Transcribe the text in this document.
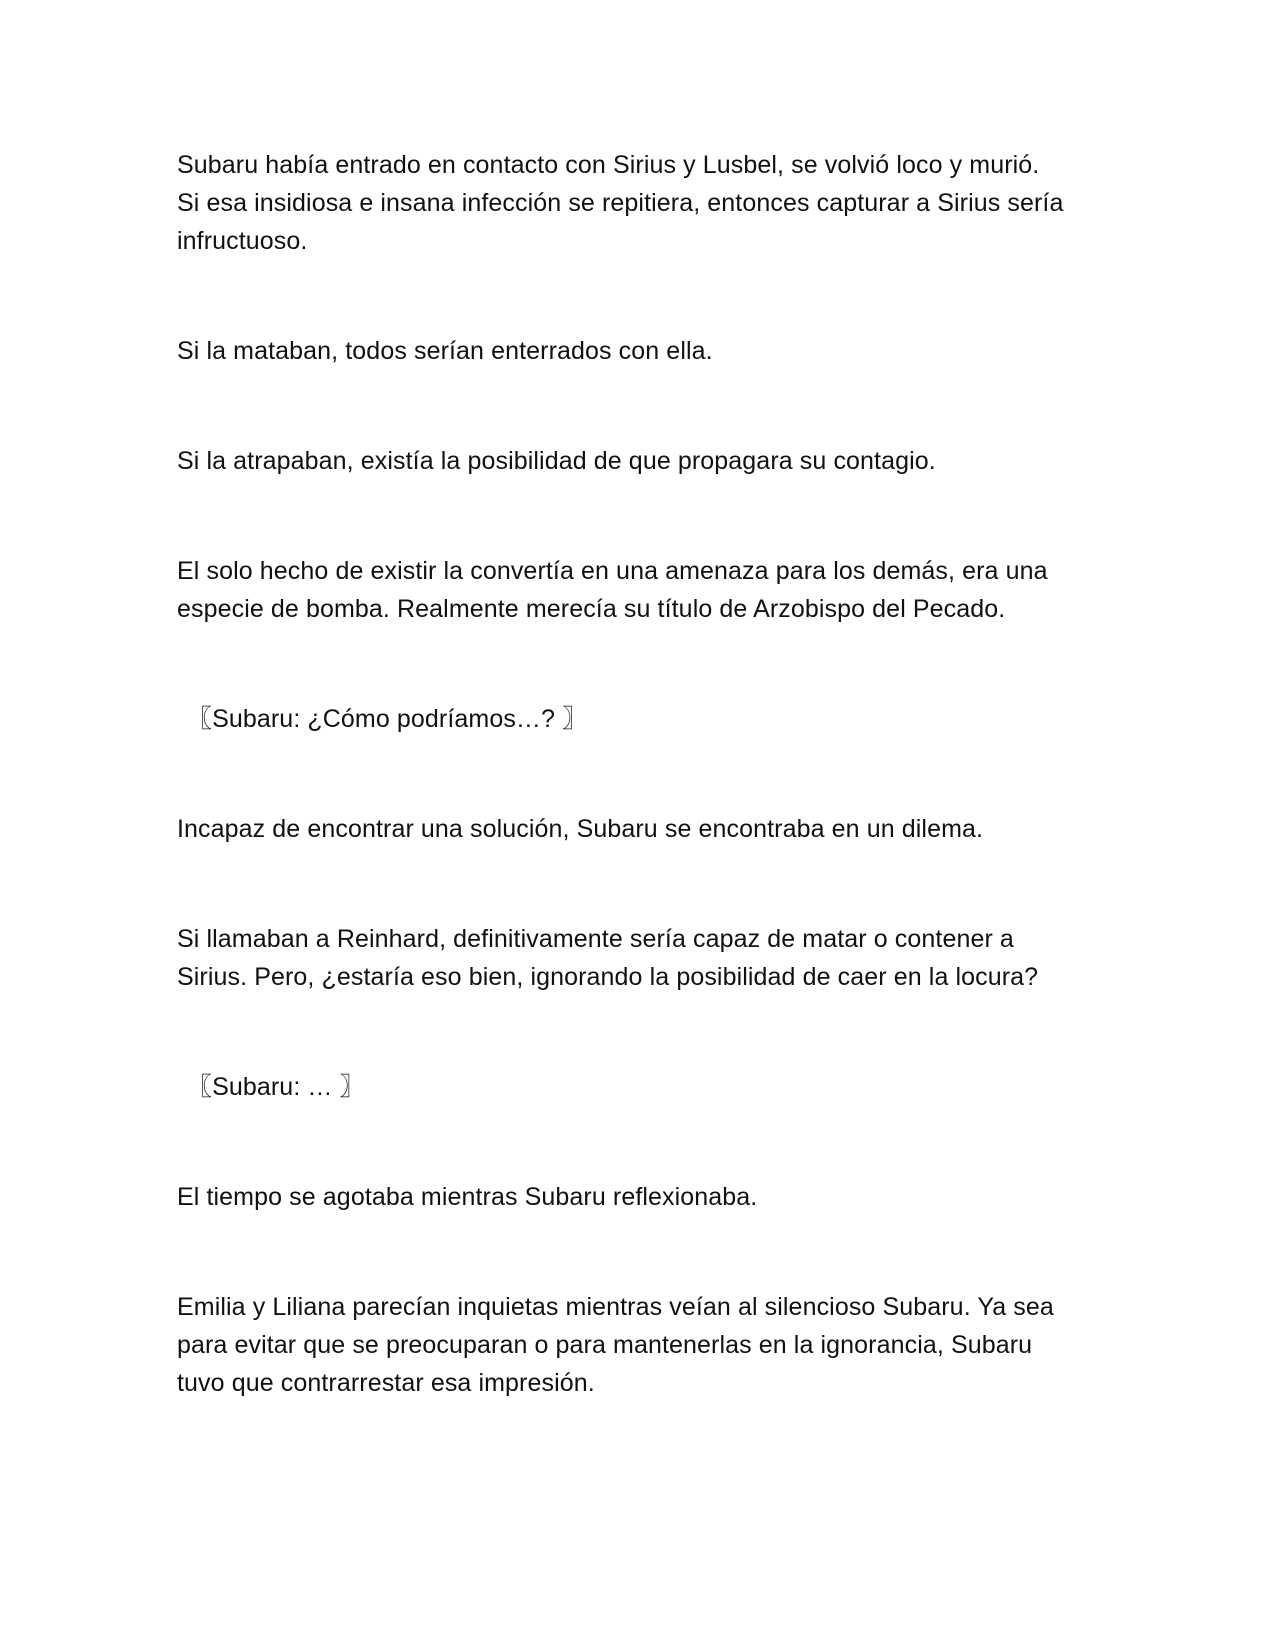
Subaru había entrado en contacto con Sirius y Lusbel, se volvió loco y murió.
Si esa insidiosa e insana infección se repitiera, entonces capturar a Sirius sería
infructuoso.

Si la mataban, todos serían enterrados con ella.

Si la atrapaban, existía la posibilidad de que propagara su contagio.

El solo hecho de existir la convertía en una amenaza para los demás, era una
especie de bomba. Realmente merecía su título de Arzobispo del Pecado.

〖Subaru: ¿Cómo podríamos…? 〗

Incapaz de encontrar una solución, Subaru se encontraba en un dilema.

Si llamaban a Reinhard, definitivamente sería capaz de matar o contener a
Sirius. Pero, ¿estaría eso bien, ignorando la posibilidad de caer en la locura?

〖Subaru: … 〗

El tiempo se agotaba mientras Subaru reflexionaba.

Emilia y Liliana parecían inquietas mientras veían al silencioso Subaru. Ya sea
para evitar que se preocuparan o para mantenerlas en la ignorancia, Subaru
tuvo que contrarrestar esa impresión.
